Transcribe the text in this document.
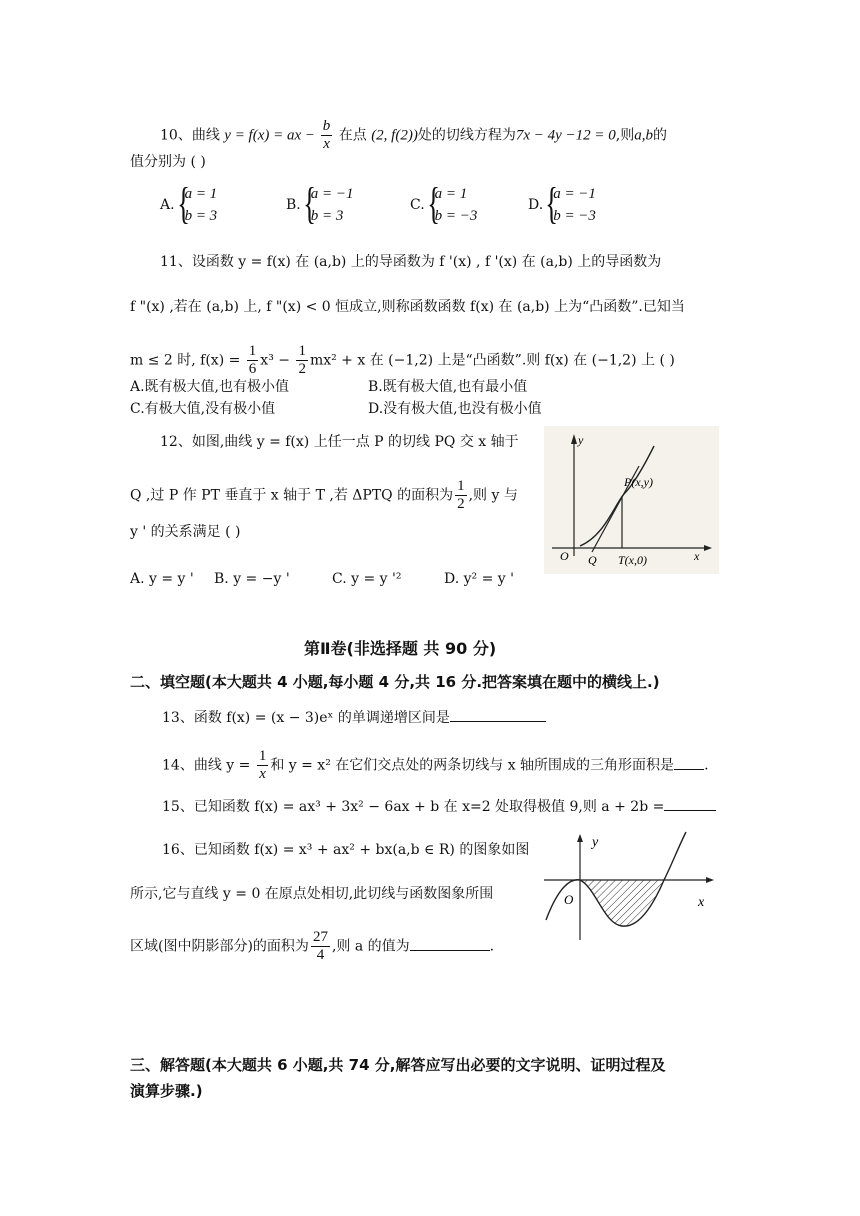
10、曲线 y = f(x) = ax − $\frac{b}{x}$ 在点 (2, f(2))处的切线方程为7x − 4y −12 = 0,则a,b的
值分别为 ( )
A.{ a = 1
b = 3
B.{ a = −1
b = 3
C.{ a = 1
b = −3
D.{ a = −1
b = −3
11、设函数 y = f(x) 在 (a,b) 上的导函数为 f '(x) , f '(x) 在 (a,b) 上的导函数为
f "(x) ,若在 (a,b) 上, f "(x) < 0 恒成立,则称函数函数 f(x) 在 (a,b) 上为“凸函数”.已知当
m ≤ 2 时, $f(x) = \frac{1}{6} x^3 - \frac{1}{2} mx^2 + x$ 在 (−1,2) 上是“凸函数”.则 f(x) 在 (−1,2) 上 ( )
A.既有极大值,也有极小值	B.既有极大值,也有最小值
C.有极大值,没有极小值	D.没有极大值,也没有极小值
12、如图,曲线 y = f(x) 上任一点 P 的切线 PQ 交 x 轴于
Q ,过 P 作 PT 垂直于 x 轴于 T ,若 ΔPTQ 的面积为 $\frac{1}{2}$ ,则 y 与
y ' 的关系满足 ( )
A. y = y ' B. y = −y '	C. y = y '²	D. y² = y '
y
P(x,y)
O Q T(x,0)	x
第Ⅱ卷(非选择题 共 90 分)
二、填空题(本大题共 4 小题,每小题 4 分,共 16 分.把答案填在题中的横线上.)
13、函数 f(x) = (x − 3)eˣ 的单调递增区间是
14、曲线 $y = \frac{1}{x}$ 和 y = x² 在它们交点处的两条切线与 x 轴所围成的三角形面积是 .
15、已知函数 f(x) = ax³ + 3x² − 6ax + b 在 x=2 处取得极值 9,则 a + 2b =
16、已知函数 f(x) = x³ + ax² + bx(a,b ∈ R) 的图象如图
所示,它与直线 y = 0 在原点处相切,此切线与函数图象所围
区域(图中阴影部分)的面积为 $\frac{27}{4}$ ,则 a 的值为	.
y
O	x
三、解答题(本大题共 6 小题,共 74 分,解答应写出必要的文字说明、证明过程及
演算步骤.)
